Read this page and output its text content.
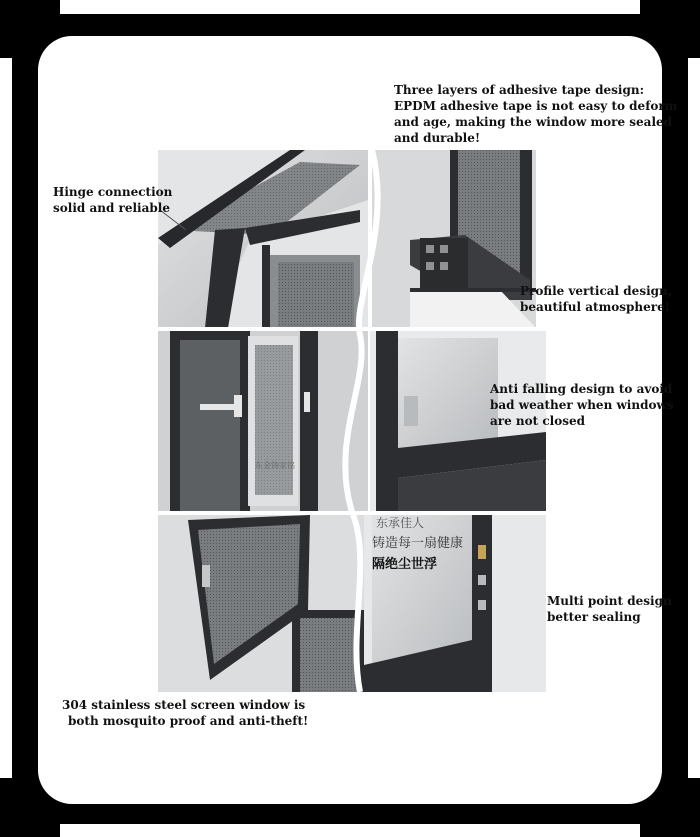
东金铸家铭
东承佳人
铸造每一扇健康
隔绝尘世浮
Three layers of adhesive tape design:
EPDM adhesive tape is not easy to deform
and age, making the window more sealed
and durable!
Hinge connection
solid and reliable
Profile vertical design,
beautiful atmosphere!
Anti falling design to avoid
bad weather when windows
are not closed
Multi point design
better sealing
304 stainless steel screen window is
both mosquito proof and anti-theft!
